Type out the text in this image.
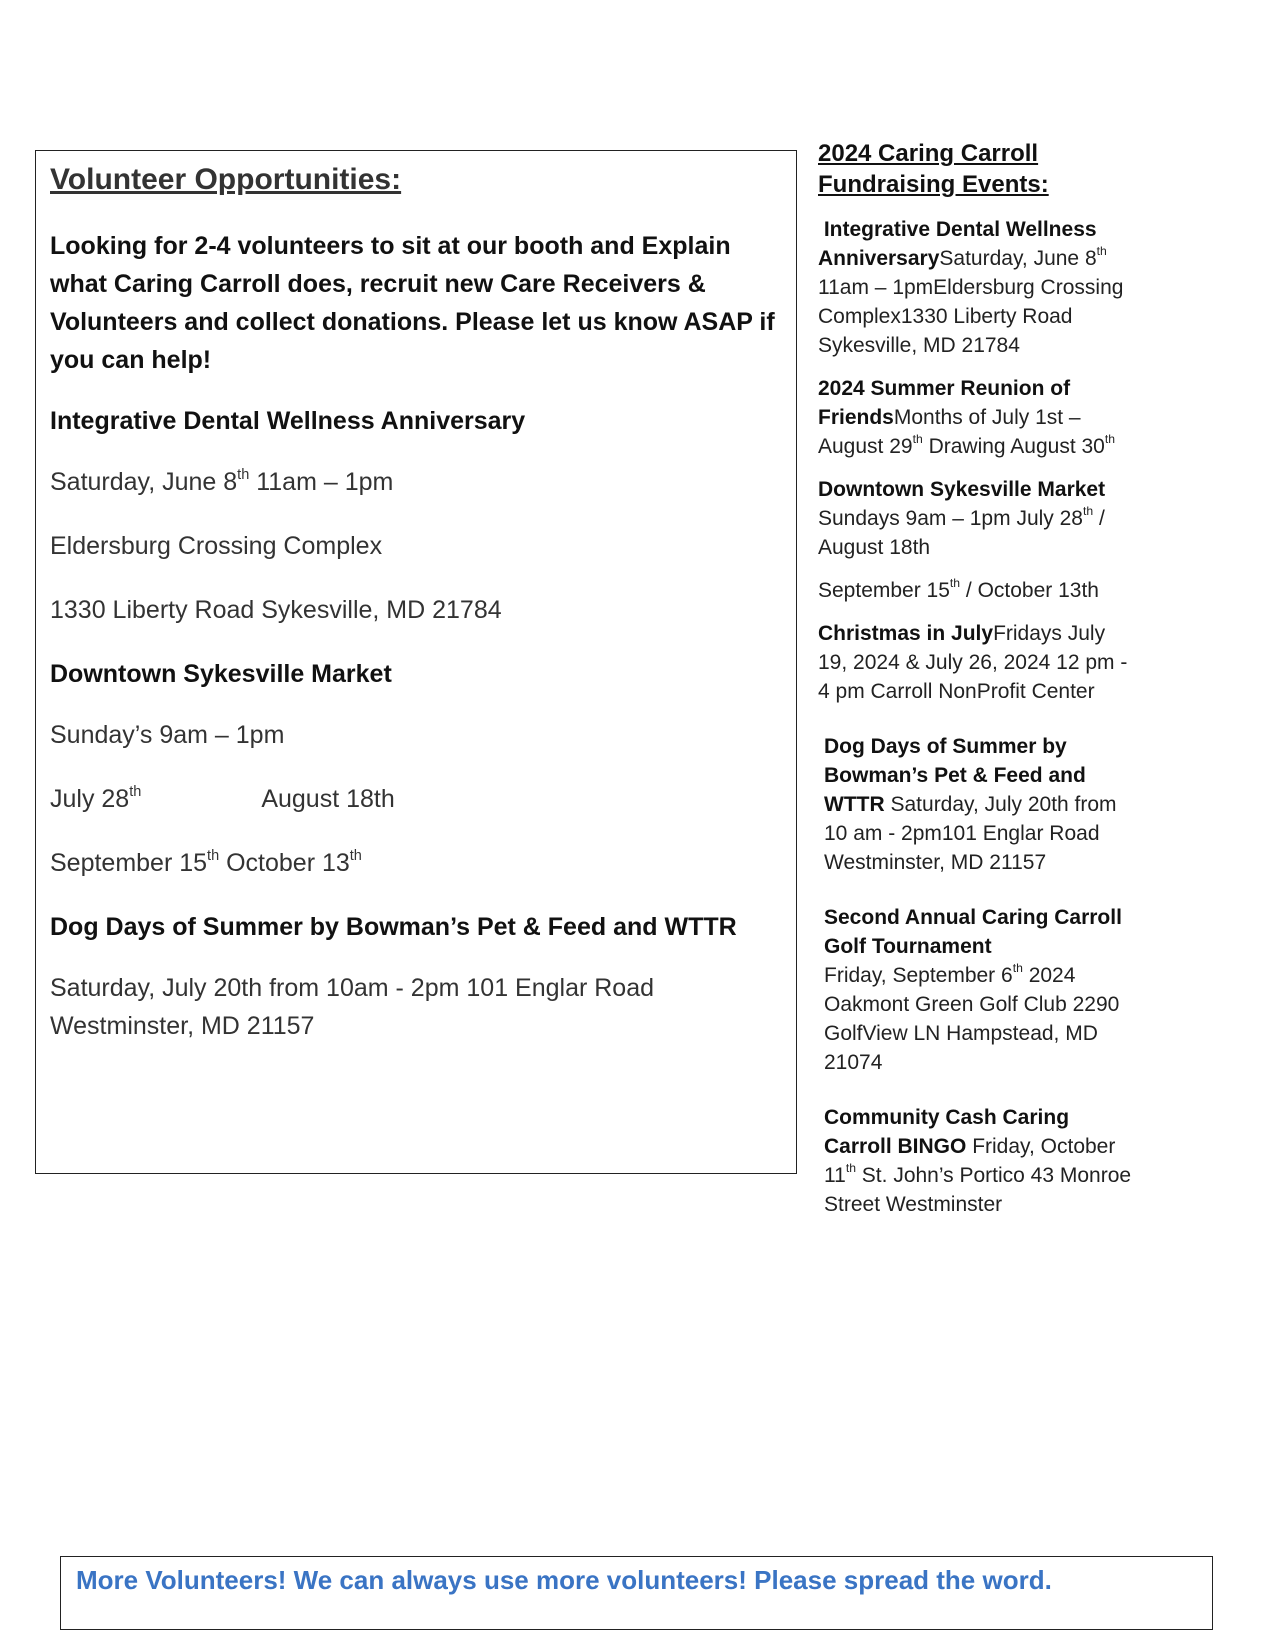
Volunteer Opportunities:

Looking for 2-4 volunteers to sit at our booth and Explain what Caring Carroll does, recruit new Care Receivers & Volunteers and collect donations. Please let us know ASAP if you can help!

Integrative Dental Wellness Anniversary

Saturday, June 8th 11am – 1pm

Eldersburg Crossing Complex

1330 Liberty Road Sykesville, MD 21784

Downtown Sykesville Market

Sunday’s 9am – 1pm

July 28th	August 18th

September 15th October 13th

Dog Days of Summer by Bowman’s Pet & Feed and WTTR

Saturday, July 20th from 10am - 2pm 101 Englar Road Westminster, MD 21157

2024 Caring Carroll Fundraising Events:

Integrative Dental Wellness AnniversarySaturday, June 8th 11am – 1pmEldersburg Crossing Complex1330 Liberty Road Sykesville, MD 21784

2024 Summer Reunion of FriendsMonths of July 1st – August 29th Drawing August 30th

Downtown Sykesville Market Sundays 9am – 1pm July 28th / August 18th

September 15th / October 13th

Christmas in JulyFridays July 19, 2024 & July 26, 2024 12 pm - 4 pm Carroll NonProfit Center

Dog Days of Summer by Bowman’s Pet & Feed and WTTR Saturday, July 20th from 10 am - 2pm101 Englar Road Westminster, MD 21157

Second Annual Caring Carroll Golf Tournament
Friday, September 6th 2024 Oakmont Green Golf Club 2290 GolfView LN Hampstead, MD 21074

Community Cash Caring Carroll BINGO Friday, October 11th St. John’s Portico 43 Monroe Street Westminster

More Volunteers! We can always use more volunteers! Please spread the word.
